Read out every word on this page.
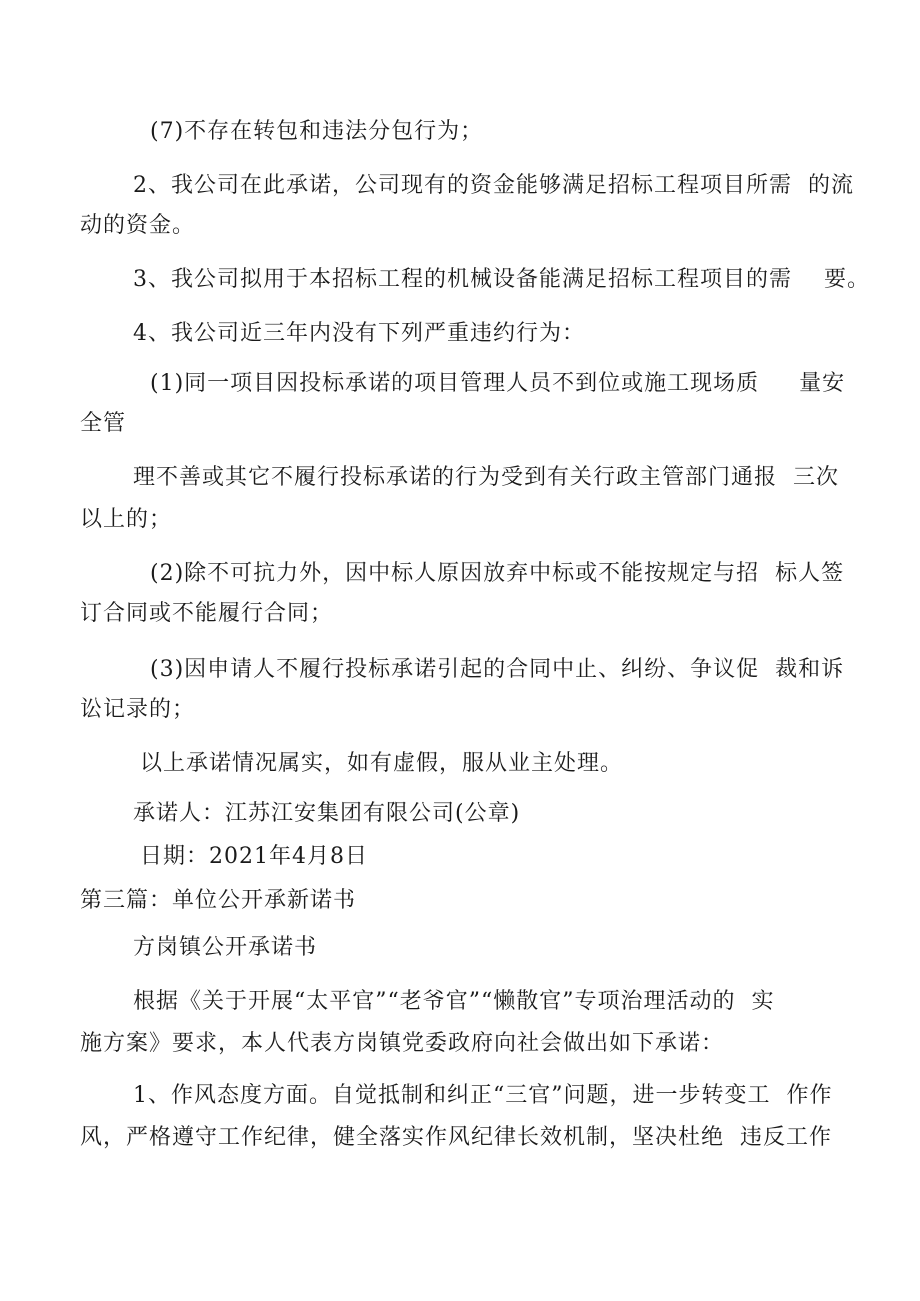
(7)不存在转包和违法分包行为；
2、我公司在此承诺，公司现有的资金能够满足招标工程项目所需  的流
动的资金。
3、我公司拟用于本招标工程的机械设备能满足招标工程项目的需    要。
4、我公司近三年内没有下列严重违约行为：
(1)同一项目因投标承诺的项目管理人员不到位或施工现场质     量安
全管
理不善或其它不履行投标承诺的行为受到有关行政主管部门通报  三次
以上的；
(2)除不可抗力外，因中标人原因放弃中标或不能按规定与招  标人签
订合同或不能履行合同；
(3)因申请人不履行投标承诺引起的合同中止、纠纷、争议促  裁和诉
讼记录的；
以上承诺情况属实，如有虚假，服从业主处理。
承诺人：江苏江安集团有限公司(公章)
日期：2021年4月8日
第三篇：单位公开承新诺书
方岗镇公开承诺书
根据《关于开展“太平官”“老爷官”“懒散官”专项治理活动的  实
施方案》要求，本人代表方岗镇党委政府向社会做出如下承诺：
1、作风态度方面。自觉抵制和纠正“三官”问题，进一步转变工  作作
风，严格遵守工作纪律，健全落实作风纪律长效机制，坚决杜绝  违反工作
